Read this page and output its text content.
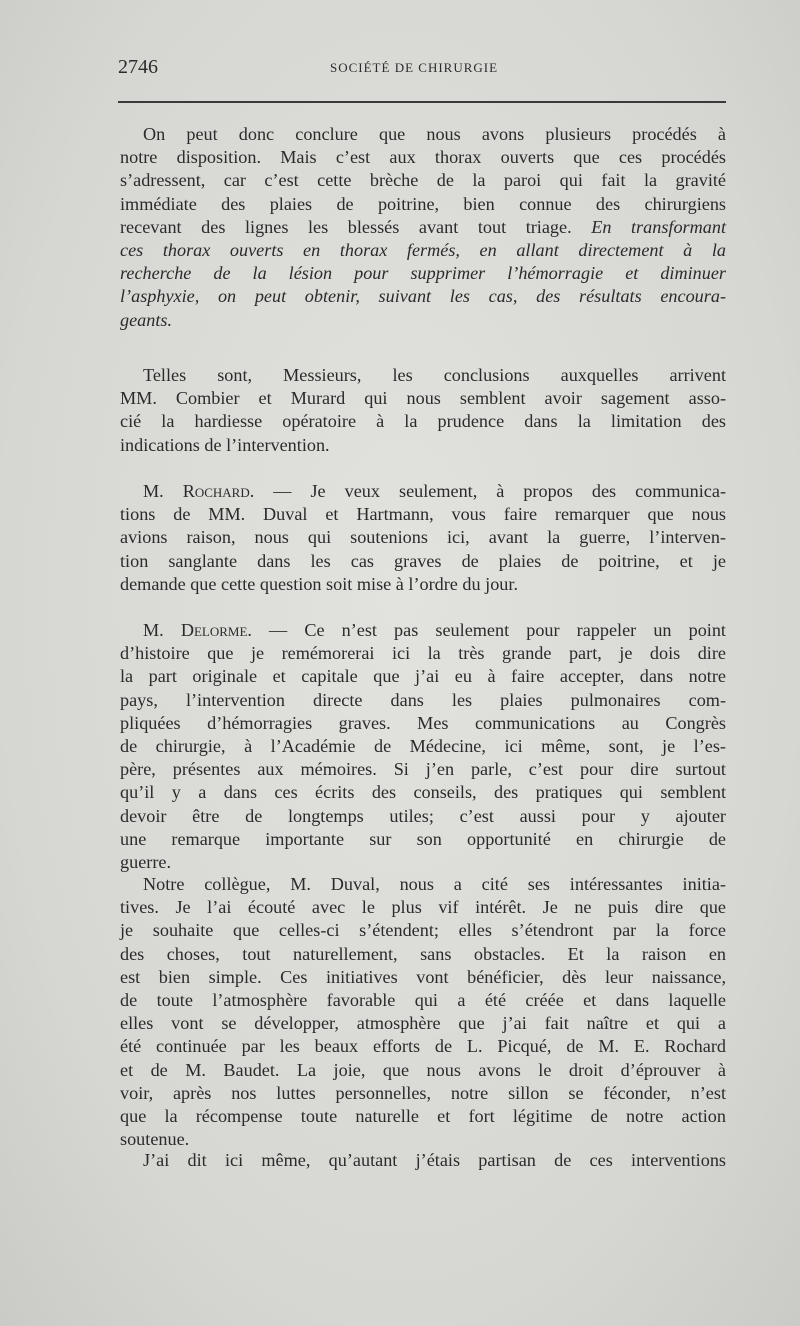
2746	SOCIÉTÉ DE CHIRURGIE
On peut donc conclure que nous avons plusieurs procédés à
notre disposition. Mais c’est aux thorax ouverts que ces procédés
s’adressent, car c’est cette brèche de la paroi qui fait la gravité
immédiate des plaies de poitrine, bien connue des chirurgiens
recevant des lignes les blessés avant tout triage. En transformant
ces thorax ouverts en thorax fermés, en allant directement à la
recherche de la lésion pour supprimer l’hémorragie et diminuer
l’asphyxie, on peut obtenir, suivant les cas, des résultats encoura-
geants.
Telles sont, Messieurs, les conclusions auxquelles arrivent
MM. Combier et Murard qui nous semblent avoir sagement asso-
cié la hardiesse opératoire à la prudence dans la limitation des
indications de l’intervention.
M. Rochard. — Je veux seulement, à propos des communica-
tions de MM. Duval et Hartmann, vous faire remarquer que nous
avions raison, nous qui soutenions ici, avant la guerre, l’interven-
tion sanglante dans les cas graves de plaies de poitrine, et je
demande que cette question soit mise à l’ordre du jour.
M. Delorme. — Ce n’est pas seulement pour rappeler un point
d’histoire que je remémorerai ici la très grande part, je dois dire
la part originale et capitale que j’ai eu à faire accepter, dans notre
pays, l’intervention directe dans les plaies pulmonaires com-
pliquées d’hémorragies graves. Mes communications au Congrès
de chirurgie, à l’Académie de Médecine, ici même, sont, je l’es-
père, présentes aux mémoires. Si j’en parle, c’est pour dire surtout
qu’il y a dans ces écrits des conseils, des pratiques qui semblent
devoir être de longtemps utiles; c’est aussi pour y ajouter
une remarque importante sur son opportunité en chirurgie de
guerre.
Notre collègue, M. Duval, nous a cité ses intéressantes initia-
tives. Je l’ai écouté avec le plus vif intérêt. Je ne puis dire que
je souhaite que celles-ci s’étendent; elles s’étendront par la force
des choses, tout naturellement, sans obstacles. Et la raison en
est bien simple. Ces initiatives vont bénéficier, dès leur naissance,
de toute l’atmosphère favorable qui a été créée et dans laquelle
elles vont se développer, atmosphère que j’ai fait naître et qui a
été continuée par les beaux efforts de L. Picqué, de M. E. Rochard
et de M. Baudet. La joie, que nous avons le droit d’éprouver à
voir, après nos luttes personnelles, notre sillon se féconder, n’est
que la récompense toute naturelle et fort légitime de notre action
soutenue.
J’ai dit ici même, qu’autant j’étais partisan de ces interventions
